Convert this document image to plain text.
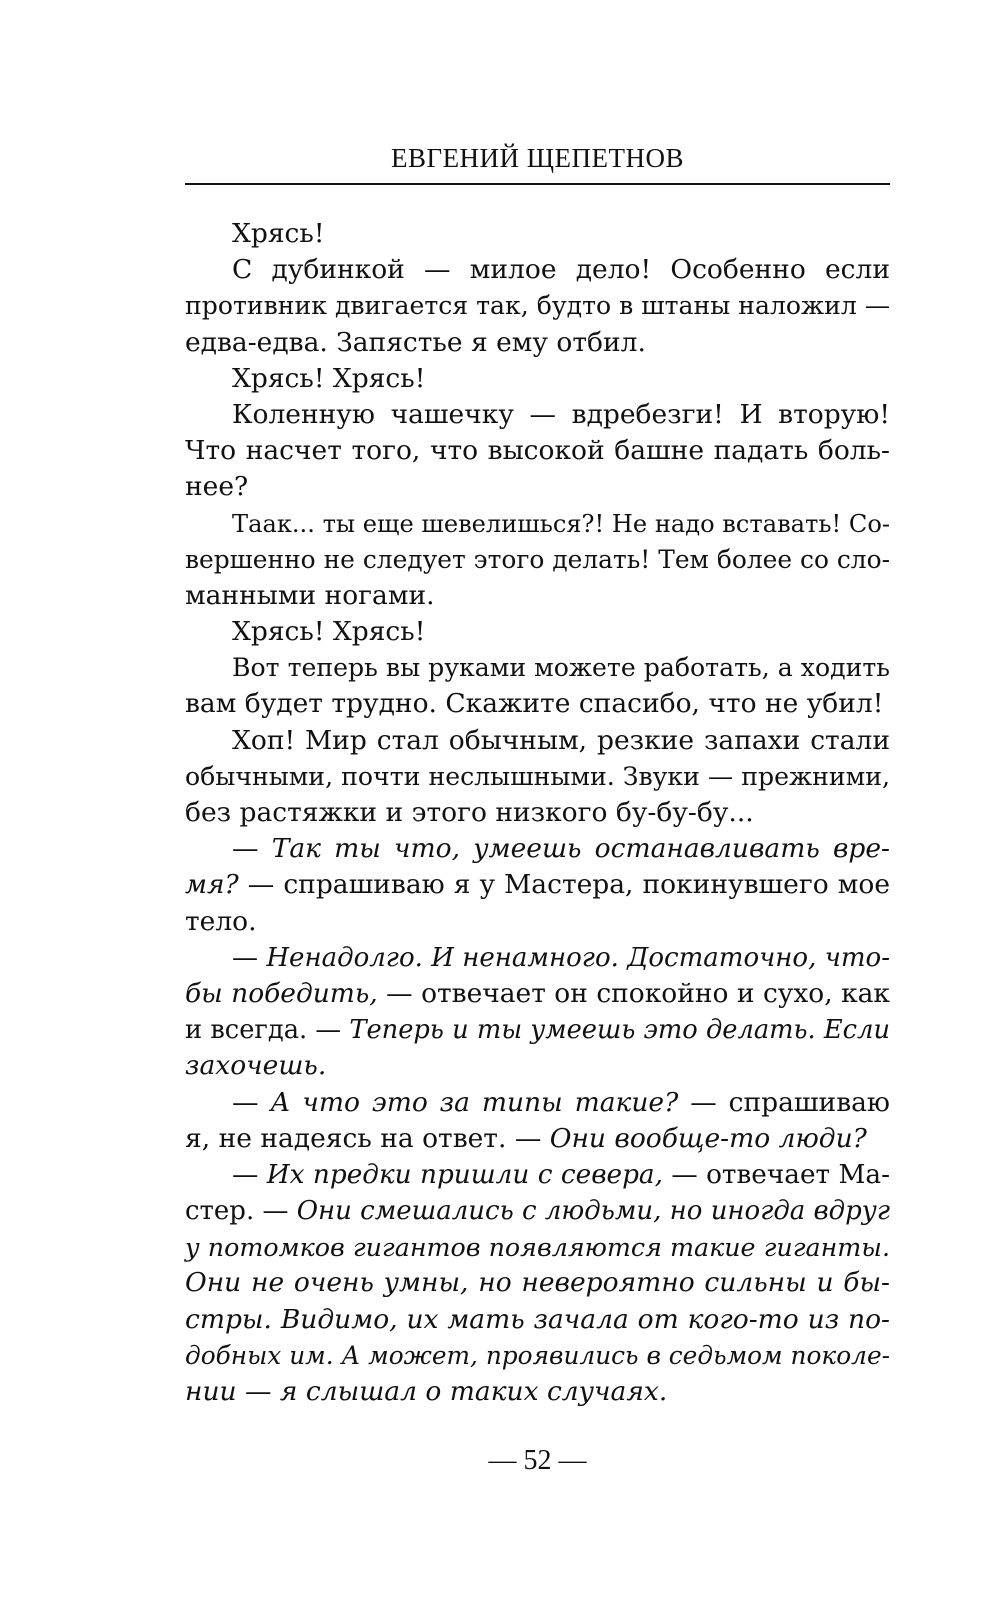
ЕВГЕНИЙ ЩЕПЕТНОВ
Хрясь!
С дубинкой — милое дело! Особенно если
противник двигается так, будто в штаны наложил —
едва-едва. Запястье я ему отбил.
Хрясь! Хрясь!
Коленную чашечку — вдребезги! И вторую!
Что насчет того, что высокой башне падать боль-
нее?
Таак... ты еще шевелишься?! Не надо вставать! Со-
вершенно не следует этого делать! Тем более со сло-
манными ногами.
Хрясь! Хрясь!
Вот теперь вы руками можете работать, а ходить
вам будет трудно. Скажите спасибо, что не убил!
Хоп! Мир стал обычным, резкие запахи стали
обычными, почти неслышными. Звуки — прежними,
без растяжки и этого низкого бу-бу-бу...
— Так ты что, умеешь останавливать вре-
мя? — спрашиваю я у Мастера, покинувшего мое
тело.
— Ненадолго. И ненамного. Достаточно, что-
бы победить, — отвечает он спокойно и сухо, как
и всегда. — Теперь и ты умеешь это делать. Если
захочешь.
— А что это за типы такие? — спрашиваю
я, не надеясь на ответ. — Они вообще-то люди?
— Их предки пришли с севера, — отвечает Ма-
стер. — Они смешались с людьми, но иногда вдруг
у потомков гигантов появляются такие гиганты.
Они не очень умны, но невероятно сильны и бы-
стры. Видимо, их мать зачала от кого-то из по-
добных им. А может, проявились в седьмом поколе-
нии — я слышал о таких случаях.
— 52 —
